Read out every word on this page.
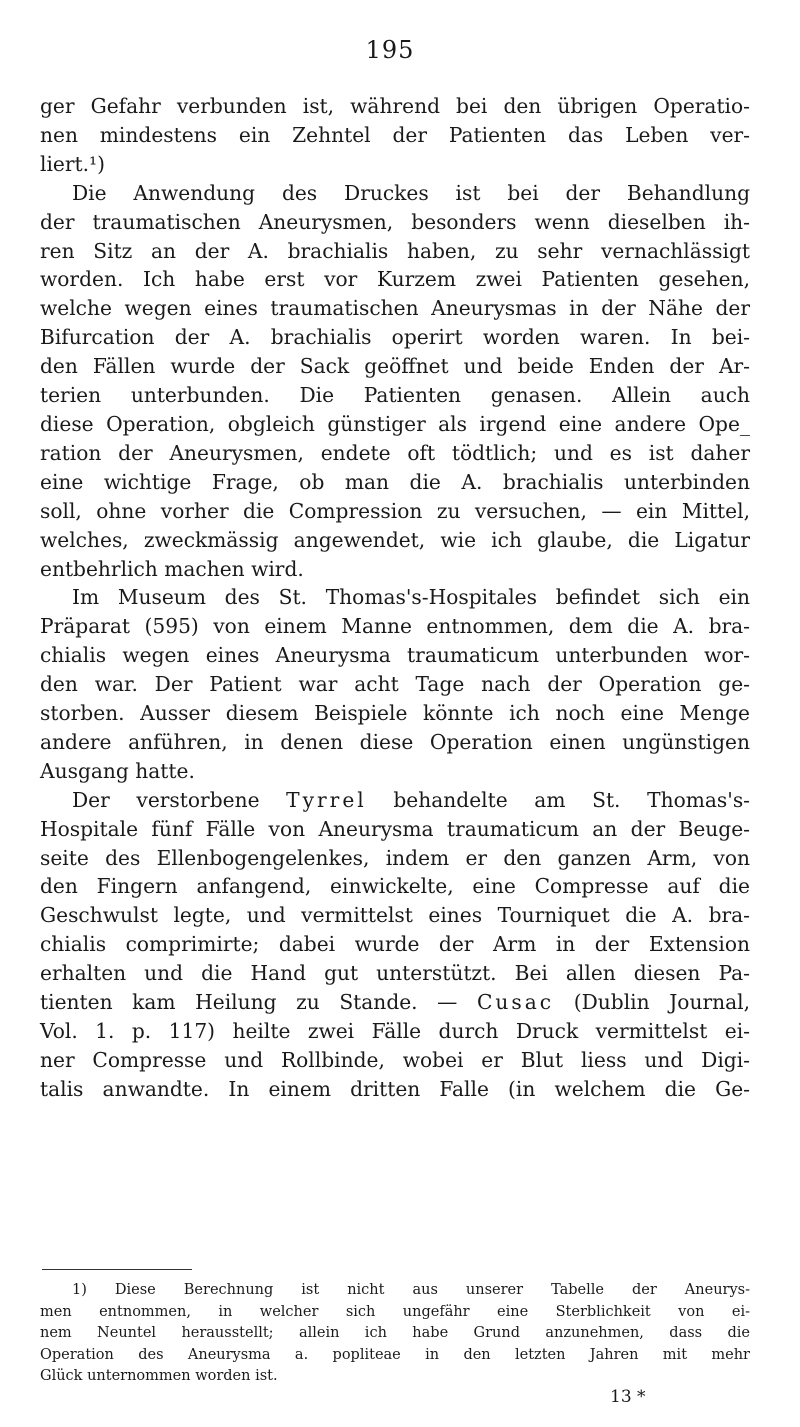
195
ger Gefahr verbunden ist, während bei den übrigen Operatio-
nen mindestens ein Zehntel der Patienten das Leben ver-
liert.¹)
Die Anwendung des Druckes ist bei der Behandlung
der traumatischen Aneurysmen, besonders wenn dieselben ih-
ren Sitz an der A. brachialis haben, zu sehr vernachlässigt
worden. Ich habe erst vor Kurzem zwei Patienten gesehen,
welche wegen eines traumatischen Aneurysmas in der Nähe der
Bifurcation der A. brachialis operirt worden waren. In bei-
den Fällen wurde der Sack geöffnet und beide Enden der Ar-
terien unterbunden. Die Patienten genasen. Allein auch
diese Operation, obgleich günstiger als irgend eine andere Ope_
ration der Aneurysmen, endete oft tödtlich; und es ist daher
eine wichtige Frage, ob man die A. brachialis unterbinden
soll, ohne vorher die Compression zu versuchen, — ein Mittel,
welches, zweckmässig angewendet, wie ich glaube, die Ligatur
entbehrlich machen wird.
Im Museum des St. Thomas's-Hospitales befindet sich ein
Präparat (595) von einem Manne entnommen, dem die A. bra-
chialis wegen eines Aneurysma traumaticum unterbunden wor-
den war. Der Patient war acht Tage nach der Operation ge-
storben. Ausser diesem Beispiele könnte ich noch eine Menge
andere anführen, in denen diese Operation einen ungünstigen
Ausgang hatte.
Der verstorbene Tyrrel behandelte am St. Thomas's-
Hospitale fünf Fälle von Aneurysma traumaticum an der Beuge-
seite des Ellenbogengelenkes, indem er den ganzen Arm, von
den Fingern anfangend, einwickelte, eine Compresse auf die
Geschwulst legte, und vermittelst eines Tourniquet die A. bra-
chialis comprimirte; dabei wurde der Arm in der Extension
erhalten und die Hand gut unterstützt. Bei allen diesen Pa-
tienten kam Heilung zu Stande. — Cusac (Dublin Journal,
Vol. 1. p. 117) heilte zwei Fälle durch Druck vermittelst ei-
ner Compresse und Rollbinde, wobei er Blut liess und Digi-
talis anwandte. In einem dritten Falle (in welchem die Ge-
1) Diese Berechnung ist nicht aus unserer Tabelle der Aneurys-
men entnommen, in welcher sich ungefähr eine Sterblichkeit von ei-
nem Neuntel herausstellt; allein ich habe Grund anzunehmen, dass die
Operation des Aneurysma a. popliteae in den letzten Jahren mit mehr
Glück unternommen worden ist.
13 *
